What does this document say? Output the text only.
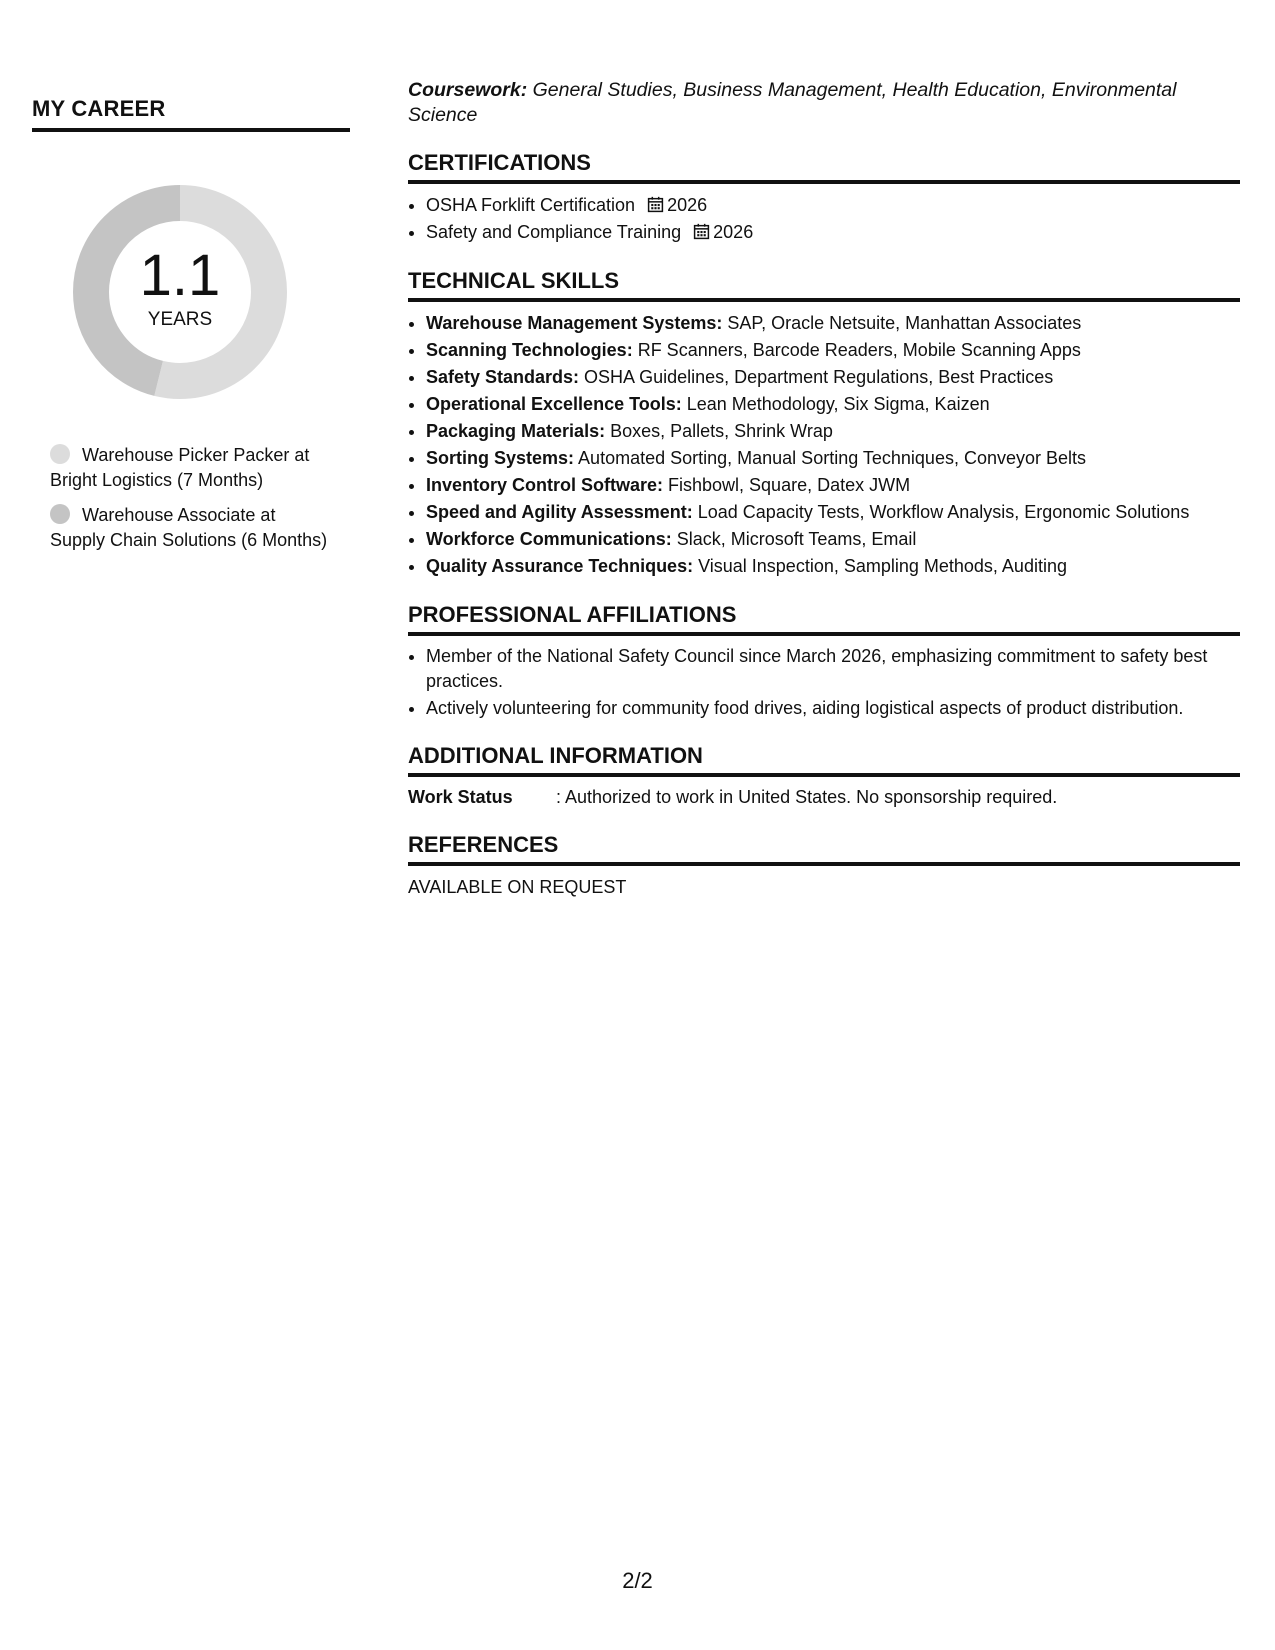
MY CAREER
1.1
YEARS
Warehouse Picker Packer at Bright Logistics (7 Months)
Warehouse Associate at Supply Chain Solutions (6 Months)

Coursework: General Studies, Business Management, Health Education, Environmental Science

CERTIFICATIONS
• OSHA Forklift Certification 2026
• Safety and Compliance Training 2026
TECHNICAL SKILLS
• Warehouse Management Systems: SAP, Oracle Netsuite, Manhattan Associates
• Scanning Technologies: RF Scanners, Barcode Readers, Mobile Scanning Apps
• Safety Standards: OSHA Guidelines, Department Regulations, Best Practices
• Operational Excellence Tools: Lean Methodology, Six Sigma, Kaizen
• Packaging Materials: Boxes, Pallets, Shrink Wrap
• Sorting Systems: Automated Sorting, Manual Sorting Techniques, Conveyor Belts
• Inventory Control Software: Fishbowl, Square, Datex JWM
• Speed and Agility Assessment: Load Capacity Tests, Workflow Analysis, Ergonomic Solutions
• Workforce Communications: Slack, Microsoft Teams, Email
• Quality Assurance Techniques: Visual Inspection, Sampling Methods, Auditing
PROFESSIONAL AFFILIATIONS
• Member of the National Safety Council since March 2026, emphasizing commitment to safety best practices.
• Actively volunteering for community food drives, aiding logistical aspects of product distribution.
ADDITIONAL INFORMATION
Work Status : Authorized to work in United States. No sponsorship required.
REFERENCES
AVAILABLE ON REQUEST
2/2
